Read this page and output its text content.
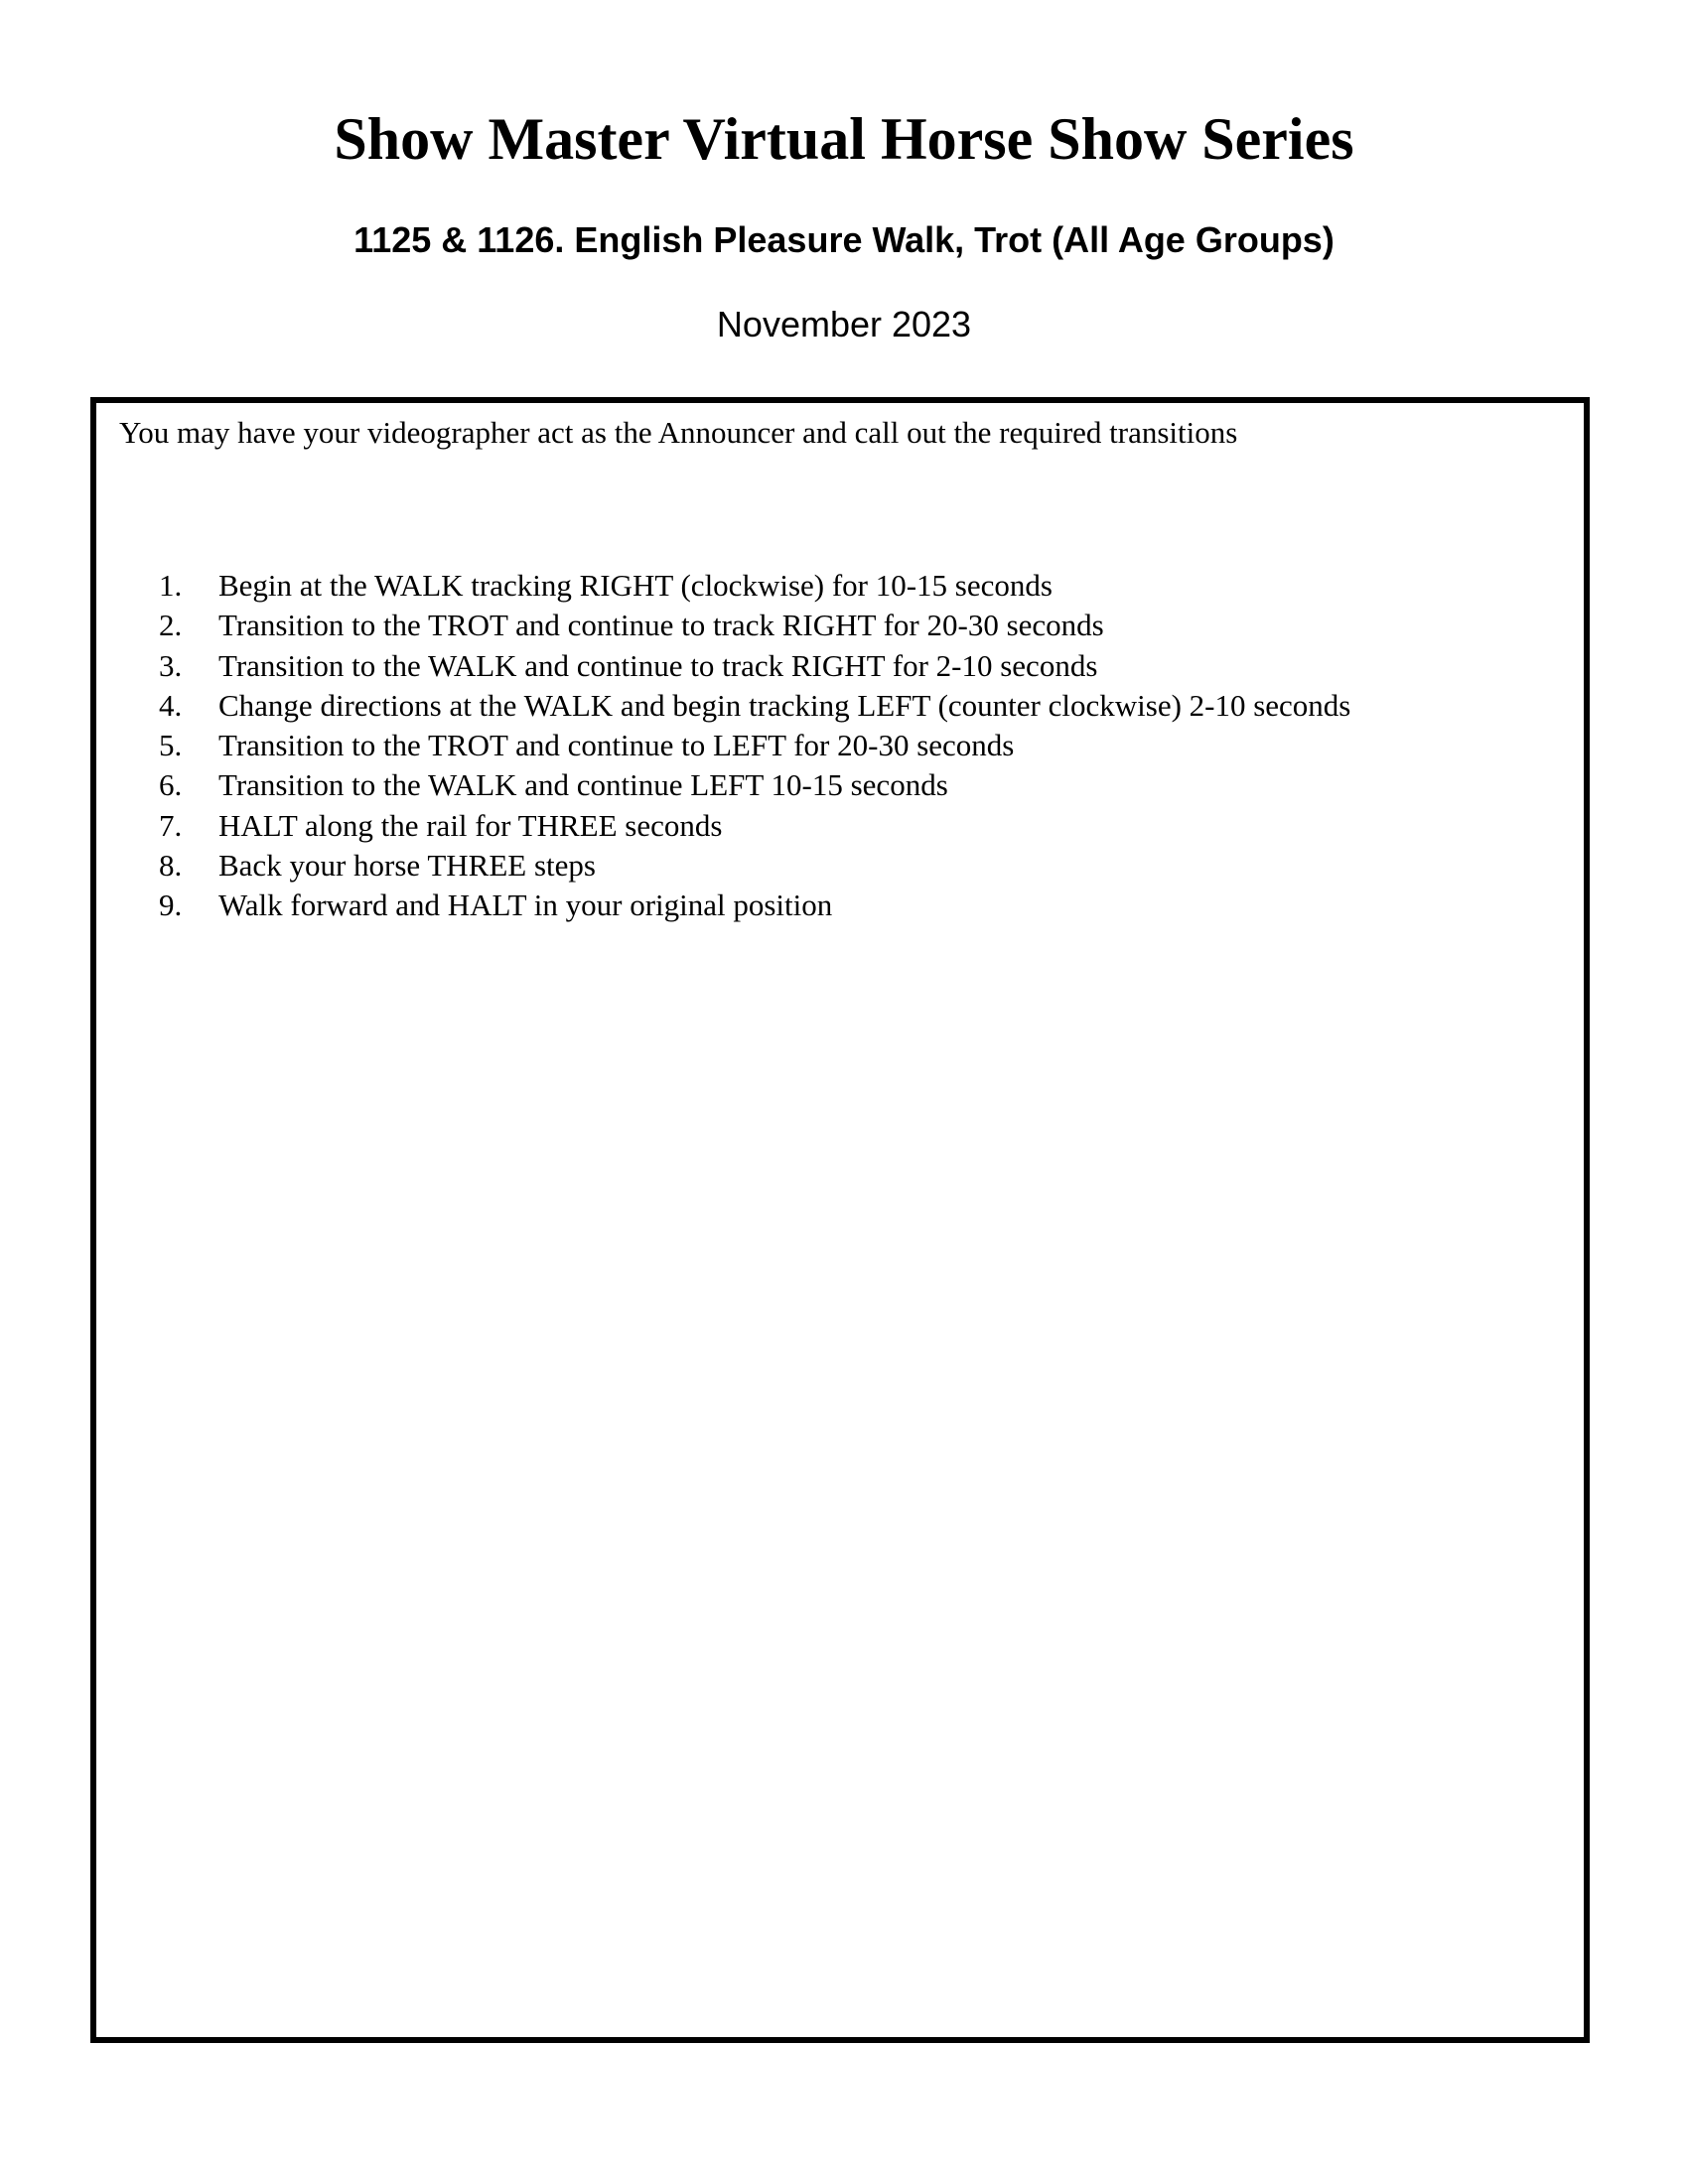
Show Master Virtual Horse Show Series
1125 & 1126. English Pleasure Walk, Trot (All Age Groups)
November 2023

You may have your videographer act as the Announcer and call out the required transitions

1.	Begin at the WALK tracking RIGHT (clockwise) for 10-15 seconds
2.	Transition to the TROT and continue to track RIGHT for 20-30 seconds
3.	Transition to the WALK and continue to track RIGHT for 2-10 seconds
4.	Change directions at the WALK and begin tracking LEFT (counter clockwise) 2-10 seconds
5.	Transition to the TROT and continue to LEFT for 20-30 seconds
6.	Transition to the WALK and continue LEFT 10-15 seconds
7.	HALT along the rail for THREE seconds
8.	Back your horse THREE steps
9.	Walk forward and HALT in your original position
